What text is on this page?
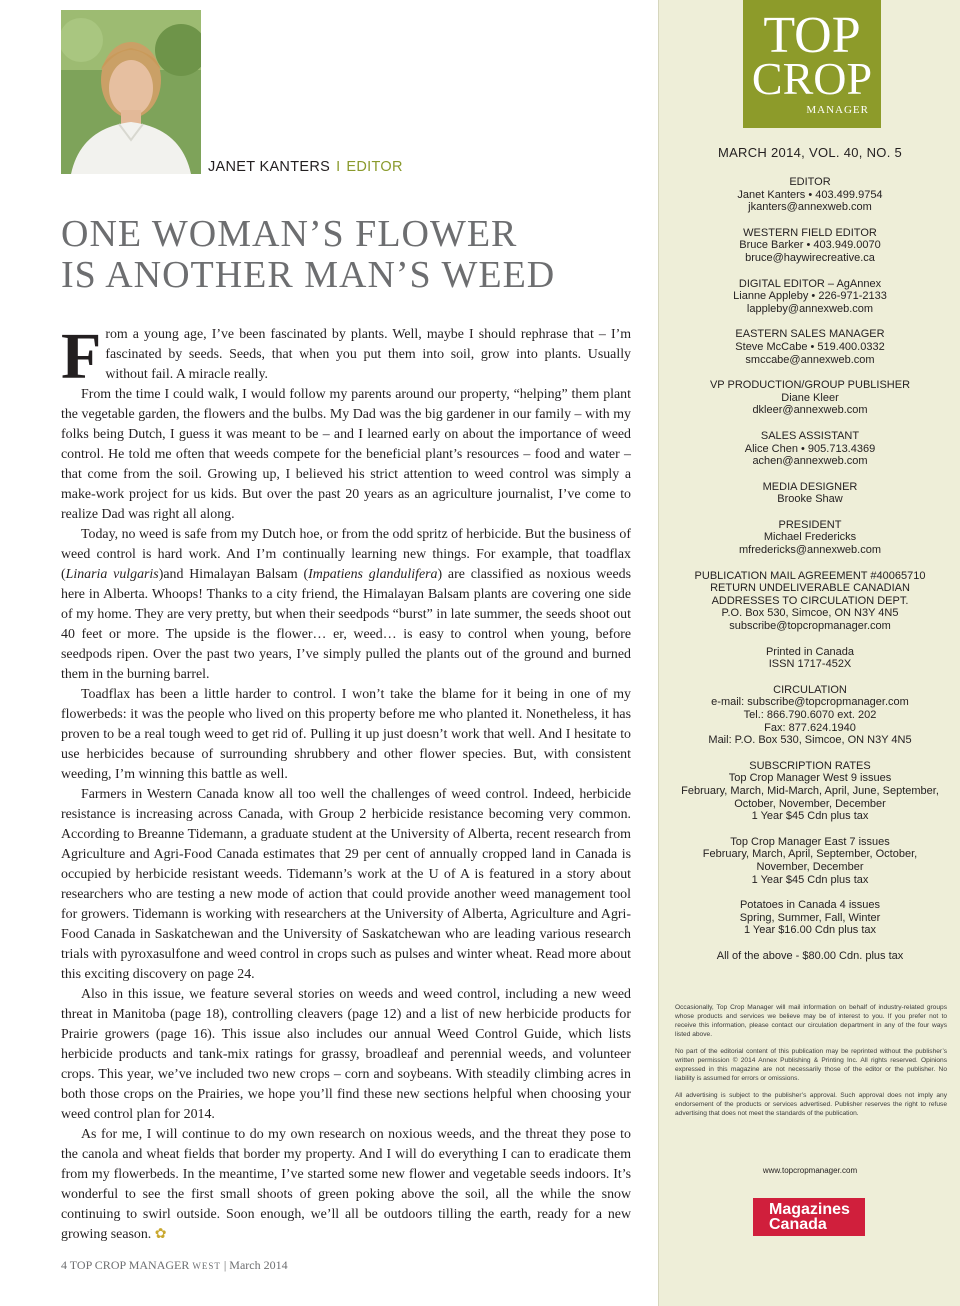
JANET KANTERS I EDITOR
ONE WOMAN’S FLOWER
IS ANOTHER MAN’S WEED

From a young age, I’ve been fascinated by plants. Well, maybe I should rephrase that – I’m fascinated by seeds. Seeds, that when you put them into soil, grow into plants. Usually without fail. A miracle really.

From the time I could walk, I would follow my parents around our property, “helping” them plant the vegetable garden, the flowers and the bulbs. My Dad was the big gardener in our family – with my folks being Dutch, I guess it was meant to be – and I learned early on about the importance of weed control. He told me often that weeds compete for the beneficial plant’s resources – food and water – that come from the soil. Growing up, I believed his strict attention to weed control was simply a make-work project for us kids. But over the past 20 years as an agriculture journalist, I’ve come to realize Dad was right all along.

Today, no weed is safe from my Dutch hoe, or from the odd spritz of herbicide. But the business of weed control is hard work. And I’m continually learning new things. For example, that toadflax (Linaria vulgaris)and Himalayan Balsam (Impatiens glandulifera) are classified as noxious weeds here in Alberta. Whoops! Thanks to a city friend, the Himalayan Balsam plants are covering one side of my home. They are very pretty, but when their seedpods “burst” in late summer, the seeds shoot out 40 feet or more. The upside is the flower… er, weed… is easy to control when young, before seedpods ripen. Over the past two years, I’ve simply pulled the plants out of the ground and burned them in the burning barrel.

Toadflax has been a little harder to control. I won’t take the blame for it being in one of my flowerbeds: it was the people who lived on this property before me who planted it. Nonetheless, it has proven to be a real tough weed to get rid of. Pulling it up just doesn’t work that well. And I hesitate to use herbicides because of surrounding shrubbery and other flower species. But, with consistent weeding, I’m winning this battle as well.

Farmers in Western Canada know all too well the challenges of weed control. Indeed, herbicide resistance is increasing across Canada, with Group 2 herbicide resistance becoming very common. According to Breanne Tidemann, a graduate student at the University of Alberta, recent research from Agriculture and Agri-Food Canada estimates that 29 per cent of annually cropped land in Canada is occupied by herbicide resistant weeds. Tidemann’s work at the U of A is featured in a story about researchers who are testing a new mode of action that could provide another weed management tool for growers. Tidemann is working with researchers at the University of Alberta, Agriculture and Agri-Food Canada in Saskatchewan and the University of Saskatchewan who are leading various research trials with pyroxasulfone and weed control in crops such as pulses and winter wheat. Read more about this exciting discovery on page 24.

Also in this issue, we feature several stories on weeds and weed control, including a new weed threat in Manitoba (page 18), controlling cleavers (page 12) and a list of new herbicide products for Prairie growers (page 16). This issue also includes our annual Weed Control Guide, which lists herbicide products and tank-mix ratings for grassy, broadleaf and perennial weeds, and volunteer crops. This year, we’ve included two new crops – corn and soybeans. With steadily climbing acres in both those crops on the Prairies, we hope you’ll find these new sections helpful when choosing your weed control plan for 2014.

As for me, I will continue to do my own research on noxious weeds, and the threat they pose to the canola and wheat fields that border my property. And I will do everything I can to eradicate them from my flowerbeds. In the meantime, I’ve started some new flower and vegetable seeds indoors. It’s wonderful to see the first small shoots of green poking above the soil, all the while the snow continuing to swirl outside. Soon enough, we’ll all be outdoors tilling the earth, ready for a new growing season. ✿

4 TOP CROP MANAGER WEST | March 2014
TOP
CROP
MANAGER
MARCH 2014, VOL. 40, NO. 5
EDITOR
Janet Kanters • 403.499.9754
jkanters@annexweb.com
WESTERN FIELD EDITOR
Bruce Barker • 403.949.0070
bruce@haywirecreative.ca
DIGITAL EDITOR – AgAnnex
Lianne Appleby • 226-971-2133
lappleby@annexweb.com
EASTERN SALES MANAGER
Steve McCabe • 519.400.0332
smccabe@annexweb.com
VP PRODUCTION/GROUP PUBLISHER
Diane Kleer
dkleer@annexweb.com
SALES ASSISTANT
Alice Chen • 905.713.4369
achen@annexweb.com
MEDIA DESIGNER
Brooke Shaw
PRESIDENT
Michael Fredericks
mfredericks@annexweb.com
PUBLICATION MAIL AGREEMENT #40065710
RETURN UNDELIVERABLE CANADIAN
ADDRESSES TO CIRCULATION DEPT.
P.O. Box 530, Simcoe, ON N3Y 4N5
subscribe@topcropmanager.com
Printed in Canada
ISSN 1717-452X
CIRCULATION
e-mail: subscribe@topcropmanager.com
Tel.: 866.790.6070 ext. 202
Fax: 877.624.1940
Mail: P.O. Box 530, Simcoe, ON N3Y 4N5
SUBSCRIPTION RATES
Top Crop Manager West 9 issues
February, March, Mid-March, April, June, September,
October, November, December
1 Year $45 Cdn plus tax
Top Crop Manager East 7 issues
February, March, April, September, October,
November, December
1 Year $45 Cdn plus tax
Potatoes in Canada 4 issues
Spring, Summer, Fall, Winter
1 Year $16.00 Cdn plus tax
All of the above - $80.00 Cdn. plus tax

Occasionally, Top Crop Manager will mail information on behalf of industry-related groups whose products and services we believe may be of interest to you. If you prefer not to receive this information, please contact our circulation department in any of the four ways listed above.

No part of the editorial content of this publication may be reprinted without the publisher’s written permission © 2014 Annex Publishing & Printing Inc. All rights reserved. Opinions expressed in this magazine are not necessarily those of the editor or the publisher. No liability is assumed for errors or omissions.

All advertising is subject to the publisher’s approval. Such approval does not imply any endorsement of the products or services advertised. Publisher reserves the right to refuse advertising that does not meet the standards of the publication.

www.topcropmanager.com
Magazines
Canada
